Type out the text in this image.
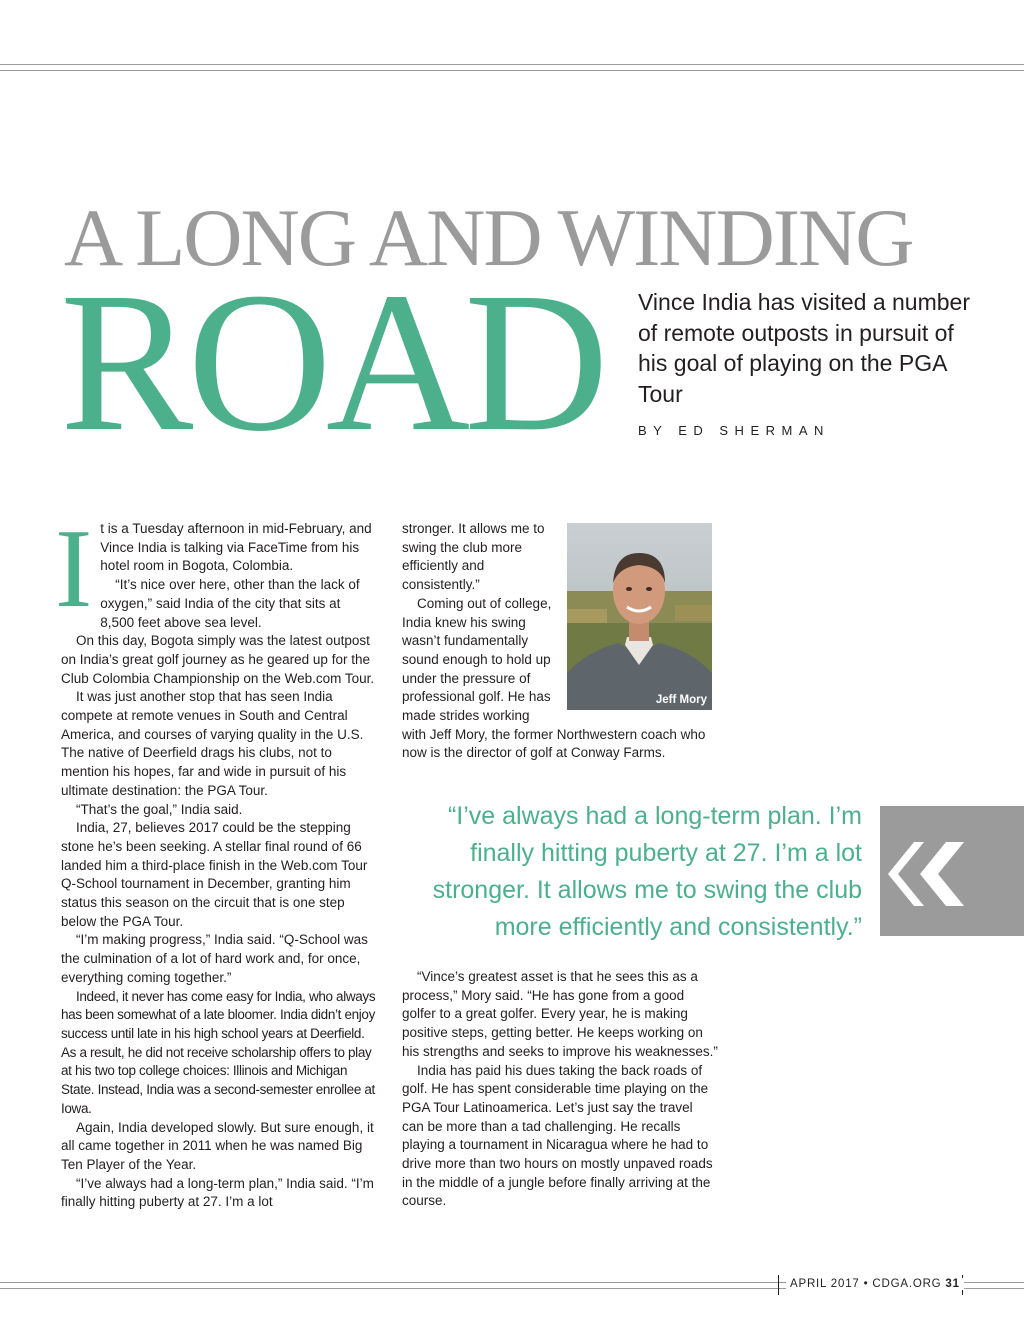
A LONG AND WINDING
ROAD Vince India has visited a number of remote outposts in pursuit of his goal of playing on the PGA Tour

BY ED SHERMAN

It is a Tuesday afternoon in mid-February, and Vince India is talking via FaceTime from his hotel room in Bogota, Colombia.

“It’s nice over here, other than the lack of oxygen,” said India of the city that sits at 8,500 feet above sea level.

On this day, Bogota simply was the latest outpost on India’s great golf journey as he geared up for the Club Colombia Championship on the Web.com Tour.

It was just another stop that has seen India compete at remote venues in South and Central America, and courses of varying quality in the U.S. The native of Deerfield drags his clubs, not to mention his hopes, far and wide in pursuit of his ultimate destination: the PGA Tour.

“That’s the goal,” India said.

India, 27, believes 2017 could be the stepping stone he’s been seeking. A stellar final round of 66 landed him a third-place finish in the Web.com Tour Q-School tournament in December, granting him status this season on the circuit that is one step below the PGA Tour.

“I’m making progress,” India said. “Q-School was the culmination of a lot of hard work and, for once, everything coming together.”

Indeed, it never has come easy for India, who always has been somewhat of a late bloomer. India didn’t enjoy success until late in his high school years at Deerfield. As a result, he did not receive scholarship offers to play at his two top college choices: Illinois and Michigan State. Instead, India was a second-semester enrollee at Iowa.

Again, India developed slowly. But sure enough, it all came together in 2011 when he was named Big Ten Player of the Year.

“I’ve always had a long-term plan,” India said. “I’m finally hitting puberty at 27. I’m a lot

stronger. It allows me to swing the club more efficiently and consistently.”

Coming out of college, India knew his swing wasn’t fundamentally sound enough to hold up under the pressure of professional golf. He has made strides working with Jeff Mory, the former Northwestern coach who now is the director of golf at Conway Farms.

Jeff Mory

“I’ve always had a long-term plan. I’m finally hitting puberty at 27. I’m a lot stronger. It allows me to swing the club more efficiently and consistently.”

“Vince’s greatest asset is that he sees this as a process,” Mory said. “He has gone from a good golfer to a great golfer. Every year, he is making positive steps, getting better. He keeps working on his strengths and seeks to improve his weaknesses.”

India has paid his dues taking the back roads of golf. He has spent considerable time playing on the PGA Tour Latinoamerica. Let’s just say the travel can be more than a tad challenging. He recalls playing a tournament in Nicaragua where he had to drive more than two hours on mostly unpaved roads in the middle of a jungle before finally arriving at the course.

APRIL 2017 • CDGA.ORG 31
